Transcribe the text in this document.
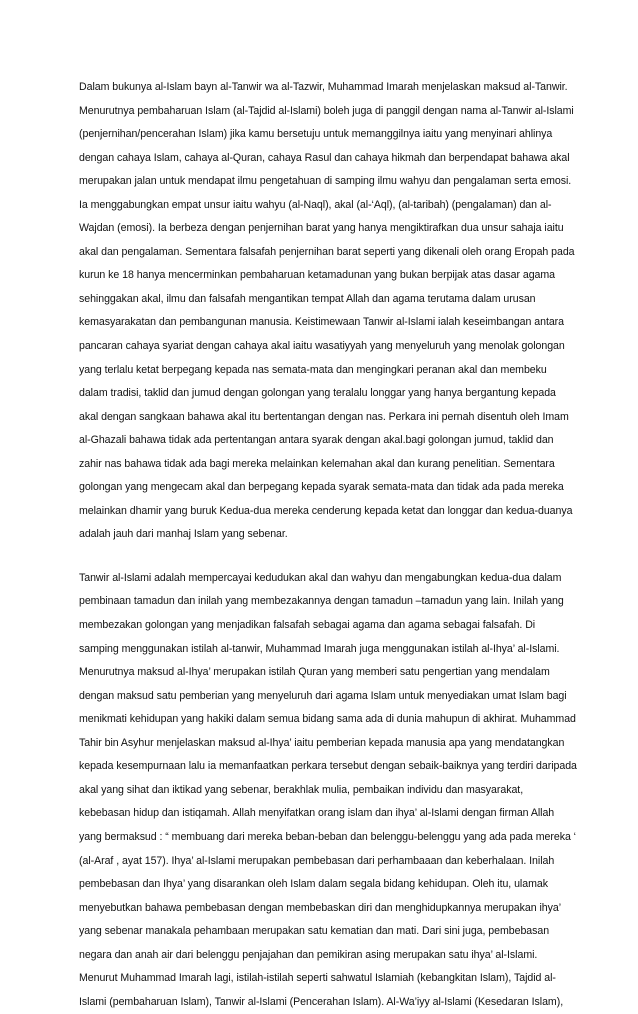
Dalam bukunya al-Islam bayn al-Tanwir wa al-Tazwir, Muhammad Imarah menjelaskan maksud al-Tanwir.
Menurutnya pembaharuan Islam (al-Tajdid al-Islami) boleh juga di panggil dengan nama al-Tanwir al-Islami
(penjernihan/pencerahan Islam) jika kamu bersetuju untuk memanggilnya iaitu yang menyinari ahlinya
dengan cahaya Islam, cahaya al-Quran, cahaya Rasul dan cahaya hikmah dan berpendapat bahawa akal
merupakan jalan untuk mendapat ilmu pengetahuan di samping ilmu wahyu dan pengalaman serta emosi.
Ia menggabungkan empat unsur iaitu wahyu (al-Naql), akal (al-‘Aql), (al-taribah) (pengalaman) dan al-
Wajdan (emosi). Ia berbeza dengan penjernihan barat yang hanya mengiktirafkan dua unsur sahaja iaitu
akal dan pengalaman. Sementara falsafah penjernihan barat seperti yang dikenali oleh orang Eropah pada
kurun ke 18 hanya mencerminkan pembaharuan ketamadunan yang bukan berpijak atas dasar agama
sehinggakan akal, ilmu dan falsafah mengantikan tempat Allah dan agama terutama dalam urusan
kemasyarakatan dan pembangunan manusia. Keistimewaan Tanwir al-Islami ialah keseimbangan antara
pancaran cahaya syariat dengan cahaya akal iaitu wasatiyyah yang menyeluruh yang menolak golongan
yang terlalu ketat berpegang kepada nas semata-mata dan mengingkari peranan akal dan membeku
dalam tradisi, taklid dan jumud dengan golongan yang teralalu longgar yang hanya bergantung kepada
akal dengan sangkaan bahawa akal itu bertentangan dengan nas. Perkara ini pernah disentuh oleh Imam
al-Ghazali bahawa tidak ada pertentangan antara syarak dengan akal.bagi golongan jumud, taklid dan
zahir nas bahawa tidak ada bagi mereka melainkan kelemahan akal dan kurang penelitian. Sementara
golongan yang mengecam akal dan berpegang kepada syarak semata-mata dan tidak ada pada mereka
melainkan dhamir yang buruk Kedua-dua mereka cenderung kepada ketat dan longgar dan kedua-duanya
adalah jauh dari manhaj Islam yang sebenar.
Tanwir al-Islami adalah mempercayai kedudukan akal dan wahyu dan mengabungkan kedua-dua dalam
pembinaan tamadun dan inilah yang membezakannya dengan tamadun –tamadun yang lain. Inilah yang
membezakan golongan yang menjadikan falsafah sebagai agama dan agama sebagai falsafah. Di
samping menggunakan istilah al-tanwir, Muhammad Imarah juga menggunakan istilah al-Ihya’ al-Islami.
Menurutnya maksud al-Ihya’ merupakan istilah Quran yang memberi satu pengertian yang mendalam
dengan maksud satu pemberian yang menyeluruh dari agama Islam untuk menyediakan umat Islam bagi
menikmati kehidupan yang hakiki dalam semua bidang sama ada di dunia mahupun di akhirat. Muhammad
Tahir bin Asyhur menjelaskan maksud al-Ihya’ iaitu pemberian kepada manusia apa yang mendatangkan
kepada kesempurnaan lalu ia memanfaatkan perkara tersebut dengan sebaik-baiknya yang terdiri daripada
akal yang sihat dan iktikad yang sebenar, berakhlak mulia, pembaikan individu dan masyarakat,
kebebasan hidup dan istiqamah. Allah menyifatkan orang islam dan ihya’ al-Islami dengan firman Allah
yang bermaksud : “ membuang dari mereka beban-beban dan belenggu-belenggu yang ada pada mereka ‘
(al-Araf , ayat 157). Ihya’ al-Islami merupakan pembebasan dari perhambaaan dan keberhalaan. Inilah
pembebasan dan Ihya’ yang disarankan oleh Islam dalam segala bidang kehidupan. Oleh itu, ulamak
menyebutkan bahawa pembebasan dengan membebaskan diri dan menghidupkannya merupakan ihya’
yang sebenar manakala pehambaan merupakan satu kematian dan mati. Dari sini juga, pembebasan
negara dan anah air dari belenggu penjajahan dan pemikiran asing merupakan satu ihya’ al-Islami.
Menurut Muhammad Imarah lagi, istilah-istilah seperti sahwatul Islamiah (kebangkitan Islam), Tajdid al-
Islami (pembaharuan Islam), Tanwir al-Islami (Pencerahan Islam). Al-Wa’iyy al-Islami (Kesedaran Islam),
